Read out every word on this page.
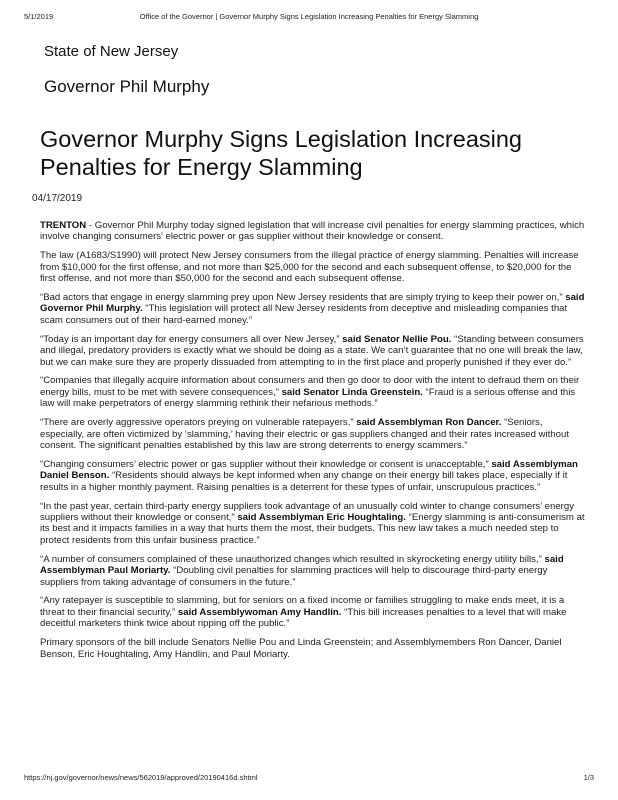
5/1/2019	Office of the Governor | Governor Murphy Signs Legislation Increasing Penalties for Energy Slamming
State of New Jersey
Governor Phil Murphy
Governor Murphy Signs Legislation Increasing Penalties for Energy Slamming
04/17/2019

TRENTON - Governor Phil Murphy today signed legislation that will increase civil penalties for energy slamming practices, which involve changing consumers’ electric power or gas supplier without their knowledge or consent.

The law (A1683/S1990) will protect New Jersey consumers from the illegal practice of energy slamming. Penalties will increase from $10,000 for the first offense, and not more than $25,000 for the second and each subsequent offense, to $20,000 for the first offense, and not more than $50,000 for the second and each subsequent offense.

“Bad actors that engage in energy slamming prey upon New Jersey residents that are simply trying to keep their power on,” said Governor Phil Murphy. “This legislation will protect all New Jersey residents from deceptive and misleading companies that scam consumers out of their hard-earned money.”

“Today is an important day for energy consumers all over New Jersey,” said Senator Nellie Pou. “Standing between consumers and illegal, predatory providers is exactly what we should be doing as a state. We can’t guarantee that no one will break the law, but we can make sure they are properly dissuaded from attempting to in the first place and properly punished if they ever do.”

“Companies that illegally acquire information about consumers and then go door to door with the intent to defraud them on their energy bills, must to be met with severe consequences,” said Senator Linda Greenstein. “Fraud is a serious offense and this law will make perpetrators of energy slamming rethink their nefarious methods.”

“There are overly aggressive operators preying on vulnerable ratepayers,” said Assemblyman Ron Dancer. “Seniors, especially, are often victimized by ‘slamming,’ having their electric or gas suppliers changed and their rates increased without consent. The significant penalties established by this law are strong deterrents to energy scammers.”

“Changing consumers’ electric power or gas supplier without their knowledge or consent is unacceptable,” said Assemblyman Daniel Benson. “Residents should always be kept informed when any change on their energy bill takes place, especially if it results in a higher monthly payment. Raising penalties is a deterrent for these types of unfair, unscrupulous practices.”

“In the past year, certain third-party energy suppliers took advantage of an unusually cold winter to change consumers’ energy suppliers without their knowledge or consent,” said Assemblyman Eric Houghtaling. “Energy slamming is anti-consumerism at its best and it impacts families in a way that hurts them the most, their budgets. This new law takes a much needed step to protect residents from this unfair business practice.”

“A number of consumers complained of these unauthorized changes which resulted in skyrocketing energy utility bills,” said Assemblyman Paul Moriarty. “Doubling civil penalties for slamming practices will help to discourage third-party energy suppliers from taking advantage of consumers in the future.”

“Any ratepayer is susceptible to slamming, but for seniors on a fixed income or families struggling to make ends meet, it is a threat to their financial security,” said Assemblywoman Amy Handlin. “This bill increases penalties to a level that will make deceitful marketers think twice about ripping off the public.”

Primary sponsors of the bill include Senators Nellie Pou and Linda Greenstein; and Assemblymembers Ron Dancer, Daniel Benson, Eric Houghtaling, Amy Handlin, and Paul Moriarty.

https://nj.gov/governor/news/news/562019/approved/20190416d.shtml	1/3
